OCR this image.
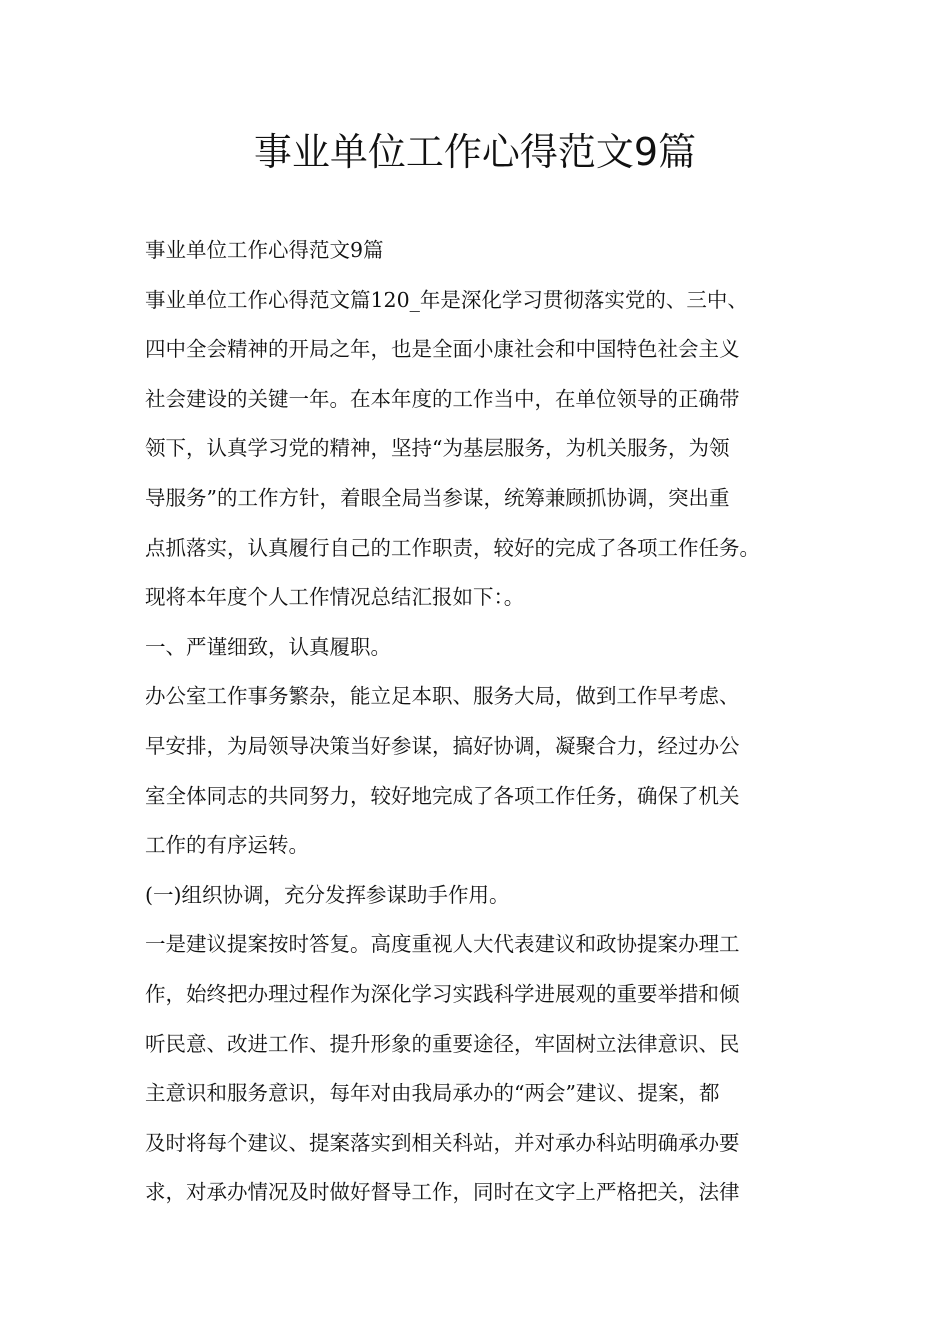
事业单位工作心得范文9篇
事业单位工作心得范文9篇
事业单位工作心得范文篇120_年是深化学习贯彻落实党的、三中、
四中全会精神的开局之年，也是全面小康社会和中国特色社会主义
社会建设的关键一年。在本年度的工作当中，在单位领导的正确带
领下，认真学习党的精神，坚持“为基层服务，为机关服务，为领
导服务”的工作方针，着眼全局当参谋，统筹兼顾抓协调，突出重
点抓落实，认真履行自己的工作职责，较好的完成了各项工作任务。
现将本年度个人工作情况总结汇报如下：。
一、严谨细致，认真履职。
办公室工作事务繁杂，能立足本职、服务大局，做到工作早考虑、
早安排，为局领导决策当好参谋，搞好协调，凝聚合力，经过办公
室全体同志的共同努力，较好地完成了各项工作任务，确保了机关
工作的有序运转。
(一)组织协调，充分发挥参谋助手作用。
一是建议提案按时答复。高度重视人大代表建议和政协提案办理工
作，始终把办理过程作为深化学习实践科学进展观的重要举措和倾
听民意、改进工作、提升形象的重要途径，牢固树立法律意识、民
主意识和服务意识，每年对由我局承办的“两会”建议、提案，都
及时将每个建议、提案落实到相关科站，并对承办科站明确承办要
求，对承办情况及时做好督导工作，同时在文字上严格把关，法律
